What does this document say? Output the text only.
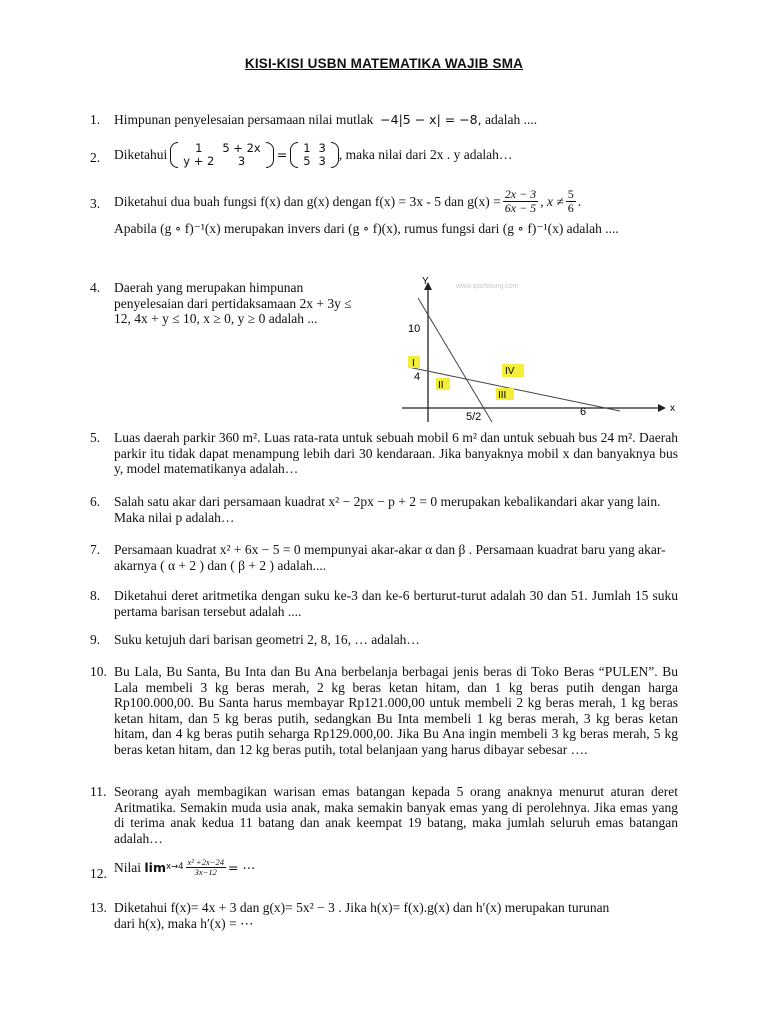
KISI-KISI USBN MATEMATIKA WAJIB SMA
1.	Himpunan penyelesaian persamaan nilai mutlak −4|5 − x| = −8, adalah ....
2.	Diketahui 1	5 + 2x
y + 2	3	= 1	3
5	3 , maka nilai dari 2x . y adalah…
3.	Diketahui dua buah fungsi f(x) dan g(x) dengan f(x) = 3x - 5 dan $g(x) = \frac{2x - 3}{6x - 5}$ , $x \ne \frac{5}{6}$ .
Apabila (g ∘ f)⁻¹(x) merupakan invers dari (g ∘ f)(x), rumus fungsi dari (g ∘ f)⁻¹(x) adalah ....
4.	Daerah yang merupakan himpunan penyelesaian dari pertidaksamaan 2x + 3y ≤ 12, 4x + y ≤ 10, x ≥ 0, y ≥ 0 adalah ...
www.ajarhitung.com
Y
x
10
4
5/2	6
I
II
III
IV
5.	Luas daerah parkir 360 m². Luas rata-rata untuk sebuah mobil 6 m² dan untuk sebuah bus 24 m². Daerah parkir itu tidak dapat menampung lebih dari 30 kendaraan. Jika banyaknya mobil x dan banyaknya bus y, model matematikanya adalah…
6.	Salah satu akar dari persamaan kuadrat x² − 2px − p + 2 = 0 merupakan kebalikandari akar yang lain. Maka nilai p adalah…
7.	Persamaan kuadrat x² + 6x − 5 = 0 mempunyai akar-akar α dan β . Persamaan kuadrat baru yang akar-akarnya ( α + 2 ) dan ( β + 2 ) adalah....
8.	Diketahui deret aritmetika dengan suku ke-3 dan ke-6 berturut-turut adalah 30 dan 51. Jumlah 15 suku pertama barisan tersebut adalah ....
9.	Suku ketujuh dari barisan geometri 2, 8, 16, … adalah…
10. Bu Lala, Bu Santa, Bu Inta dan Bu Ana berbelanja berbagai jenis beras di Toko Beras “PULEN”. Bu Lala membeli 3 kg beras merah, 2 kg beras ketan hitam, dan 1 kg beras putih dengan harga Rp100.000,00. Bu Santa harus membayar Rp121.000,00 untuk membeli 2 kg beras merah, 1 kg beras ketan hitam, dan 5 kg beras putih, sedangkan Bu Inta membeli 1 kg beras merah, 3 kg beras ketan hitam, dan 4 kg beras putih seharga Rp129.000,00. Jika Bu Ana ingin membeli 3 kg beras merah, 5 kg beras ketan hitam, dan 12 kg beras putih, total belanjaan yang harus dibayar sebesar ….
11. Seorang ayah membagikan warisan emas batangan kepada 5 orang anaknya menurut aturan deret Aritmatika. Semakin muda usia anak, maka semakin banyak emas yang di perolehnya. Jika emas yang di terima anak kedua 11 batang dan anak keempat 19 batang, maka jumlah seluruh emas batangan adalah…
12. Nilai
$\lim x\to 4 \frac{\text{x² +2x−24}}{3x-12}$ = ⋯
13. Diketahui f(x)= 4x + 3 dan g(x)= 5x² − 3 . Jika h(x)= f(x).g(x) dan h′(x) merupakan turunan
dari h(x), maka h′(x) = ⋯
